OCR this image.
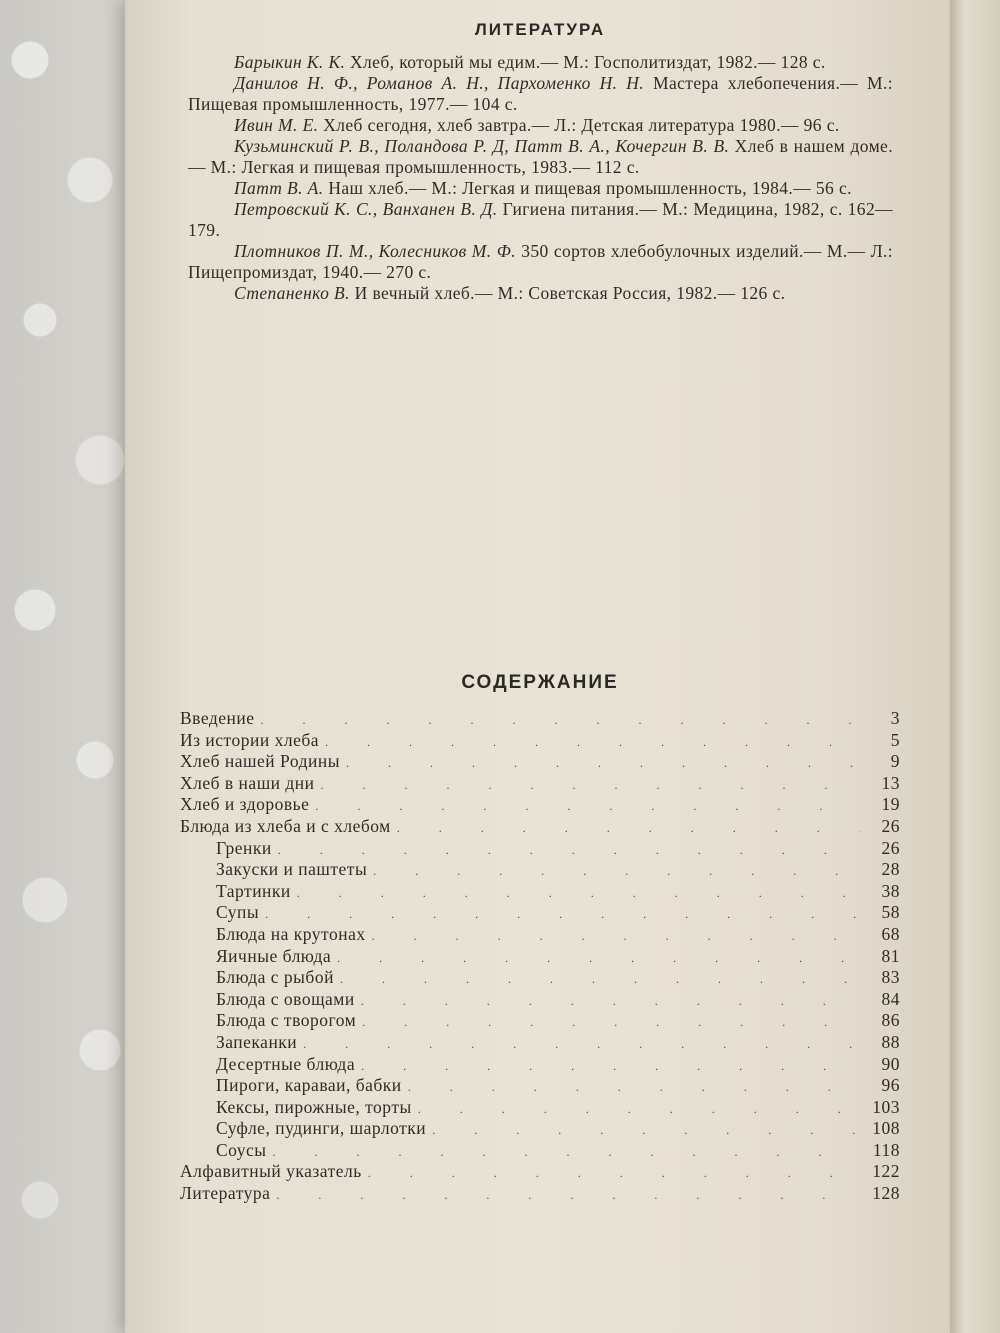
ЛИТЕРАТУРА

Барыкин К. К. Хлеб, который мы едим.— М.: Госполитиздат, 1982.— 128 с.

Данилов Н. Ф., Романов А. Н., Пархоменко Н. Н. Мастера хлебопечения.— М.: Пищевая промышленность, 1977.— 104 с.

Ивин М. Е. Хлеб сегодня, хлеб завтра.— Л.: Детская литература 1980.— 96 с.

Кузьминский Р. В., Поландова Р. Д, Патт В. А., Кочергин В. В. Хлеб в нашем доме.— М.: Легкая и пищевая промышленность, 1983.— 112 с.

Патт В. А. Наш хлеб.— М.: Легкая и пищевая промышленность, 1984.— 56 с.

Петровский К. С., Ванханен В. Д. Гигиена питания.— М.: Медицина, 1982, с. 162—179.

Плотников П. М., Колесников М. Ф. 350 сортов хлебобулочных изделий.— М.— Л.: Пищепромиздат, 1940.— 270 с.

Степаненко В. И вечный хлеб.— М.: Советская Россия, 1982.— 126 с.

СОДЕРЖАНИЕ
Введение . . .	3
Из истории хлеба . . .	5
Хлеб нашей Родины . . .	9
Хлеб в наши дни . . .	13
Хлеб и здоровье . . .	19
Блюда из хлеба и с хлебом . . .	26
Гренки . . .	26
Закуски и паштеты . . .	28
Тартинки . . .	38
Супы . . .	58
Блюда на крутонах . . .	68
Яичные блюда . . .	81
Блюда с рыбой . . .	83
Блюда с овощами . . .	84
Блюда с творогом . . .	86
Запеканки . . .	88
Десертные блюда . . .	90
Пироги, караваи, бабки . . .	96
Кексы, пирожные, торты . . .	103
Суфле, пудинги, шарлотки . . .	108
Соусы . . .	118
Алфавитный указатель . . .	122
Литература . . .	128
